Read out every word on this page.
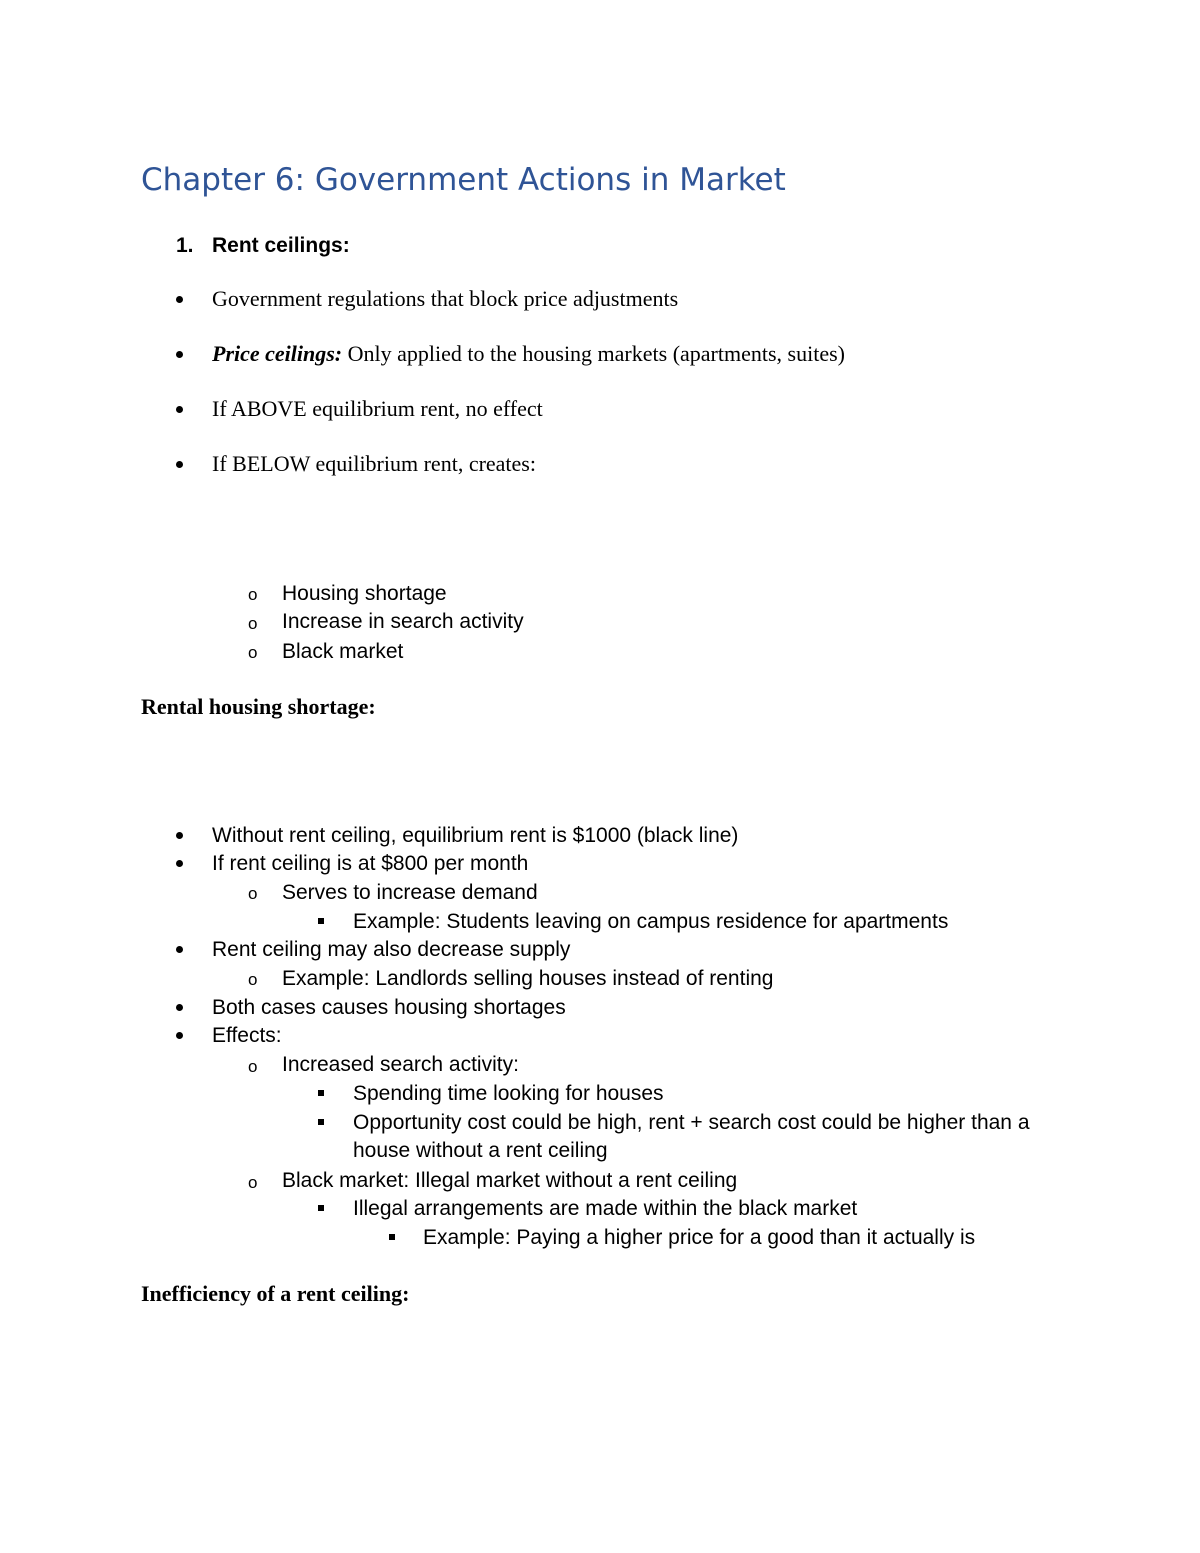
Chapter 6: Government Actions in Market
1. Rent ceilings:
Government regulations that block price adjustments
Price ceilings: Only applied to the housing markets (apartments, suites)
If ABOVE equilibrium rent, no effect
If BELOW equilibrium rent, creates:
o Housing shortage
o Increase in search activity
o Black market
Rental housing shortage:
Without rent ceiling, equilibrium rent is $1000 (black line)
If rent ceiling is at $800 per month
o Serves to increase demand
Example: Students leaving on campus residence for apartments
Rent ceiling may also decrease supply
o Example: Landlords selling houses instead of renting
Both cases causes housing shortages
Effects:
o Increased search activity:
Spending time looking for houses
Opportunity cost could be high, rent + search cost could be higher than a
house without a rent ceiling
o Black market: Illegal market without a rent ceiling
Illegal arrangements are made within the black market
Example: Paying a higher price for a good than it actually is
Inefficiency of a rent ceiling:
